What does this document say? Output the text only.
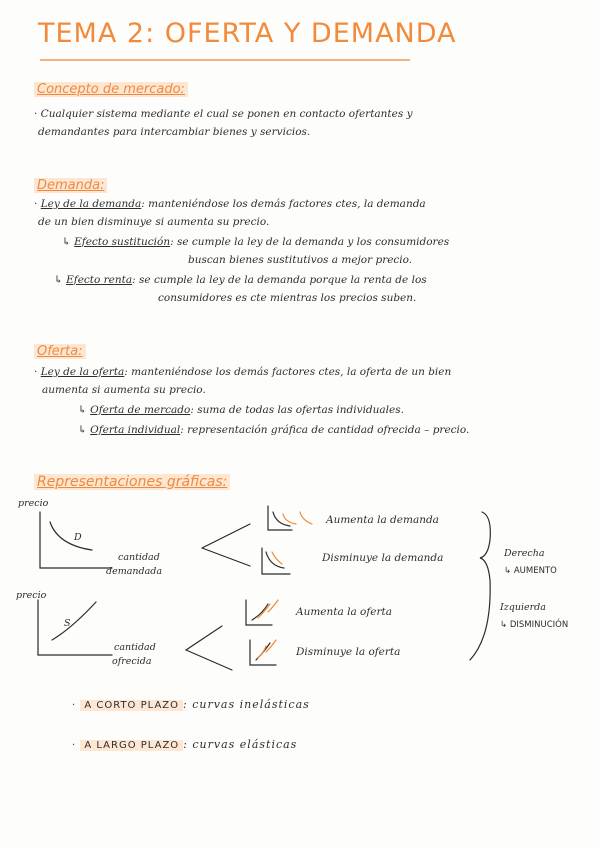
TEMA 2: OFERTA Y DEMANDA
Concepto de mercado:
· Cualquier sistema mediante el cual se ponen en contacto ofertantes y
demandantes para intercambiar bienes y servicios.
Demanda:
· Ley de la demanda: manteniéndose los demás factores ctes, la demanda
de un bien disminuye si aumenta su precio.
↳ Efecto sustitución: se cumple la ley de la demanda y los consumidores
buscan bienes sustitutivos a mejor precio.
↳ Efecto renta: se cumple la ley de la demanda porque la renta de los
consumidores es cte mientras los precios suben.
Oferta:
· Ley de la oferta: manteniéndose los demás factores ctes, la oferta de un bien
aumenta si aumenta su precio.
↳ Oferta de mercado: suma de todas las ofertas individuales.
↳ Oferta individual: representación gráfica de cantidad ofrecida – precio.
Representaciones gráficas:
precio
D
cantidad
demandada
Aumenta la demanda
Disminuye la demanda
precio
S
cantidad
ofrecida
Aumenta la oferta
Disminuye la oferta
Derecha
↳ AUMENTO
Izquierda
↳ DISMINUCIÓN
· A CORTO PLAZO : curvas inelásticas
· A LARGO PLAZO : curvas elásticas
